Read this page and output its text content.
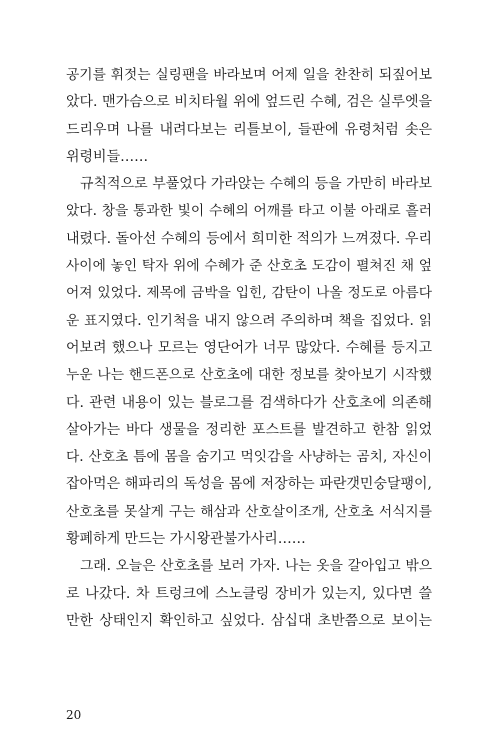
공기를 휘젓는 실링팬을 바라보며 어제 일을 찬찬히 되짚어보
았다. 맨가슴으로 비치타월 위에 엎드린 수혜, 검은 실루엣을
드리우며 나를 내려다보는 리틀보이, 들판에 유령처럼 솟은
위령비들……
규칙적으로 부풀었다 가라앉는 수혜의 등을 가만히 바라보
았다. 창을 통과한 빛이 수혜의 어깨를 타고 이불 아래로 흘러
내렸다. 돌아선 수혜의 등에서 희미한 적의가 느껴졌다. 우리
사이에 놓인 탁자 위에 수혜가 준 산호초 도감이 펼쳐진 채 엎
어져 있었다. 제목에 금박을 입힌, 감탄이 나올 정도로 아름다
운 표지였다. 인기척을 내지 않으려 주의하며 책을 집었다. 읽
어보려 했으나 모르는 영단어가 너무 많았다. 수혜를 등지고
누운 나는 핸드폰으로 산호초에 대한 정보를 찾아보기 시작했
다. 관련 내용이 있는 블로그를 검색하다가 산호초에 의존해
살아가는 바다 생물을 정리한 포스트를 발견하고 한참 읽었
다. 산호초 틈에 몸을 숨기고 먹잇감을 사냥하는 곰치, 자신이
잡아먹은 해파리의 독성을 몸에 저장하는 파란갯민숭달팽이,
산호초를 못살게 구는 해삼과 산호살이조개, 산호초 서식지를
황폐하게 만드는 가시왕관불가사리……
그래. 오늘은 산호초를 보러 가자. 나는 옷을 갈아입고 밖으
로 나갔다. 차 트렁크에 스노클링 장비가 있는지, 있다면 쓸
만한 상태인지 확인하고 싶었다. 삼십대 초반쯤으로 보이는
20
